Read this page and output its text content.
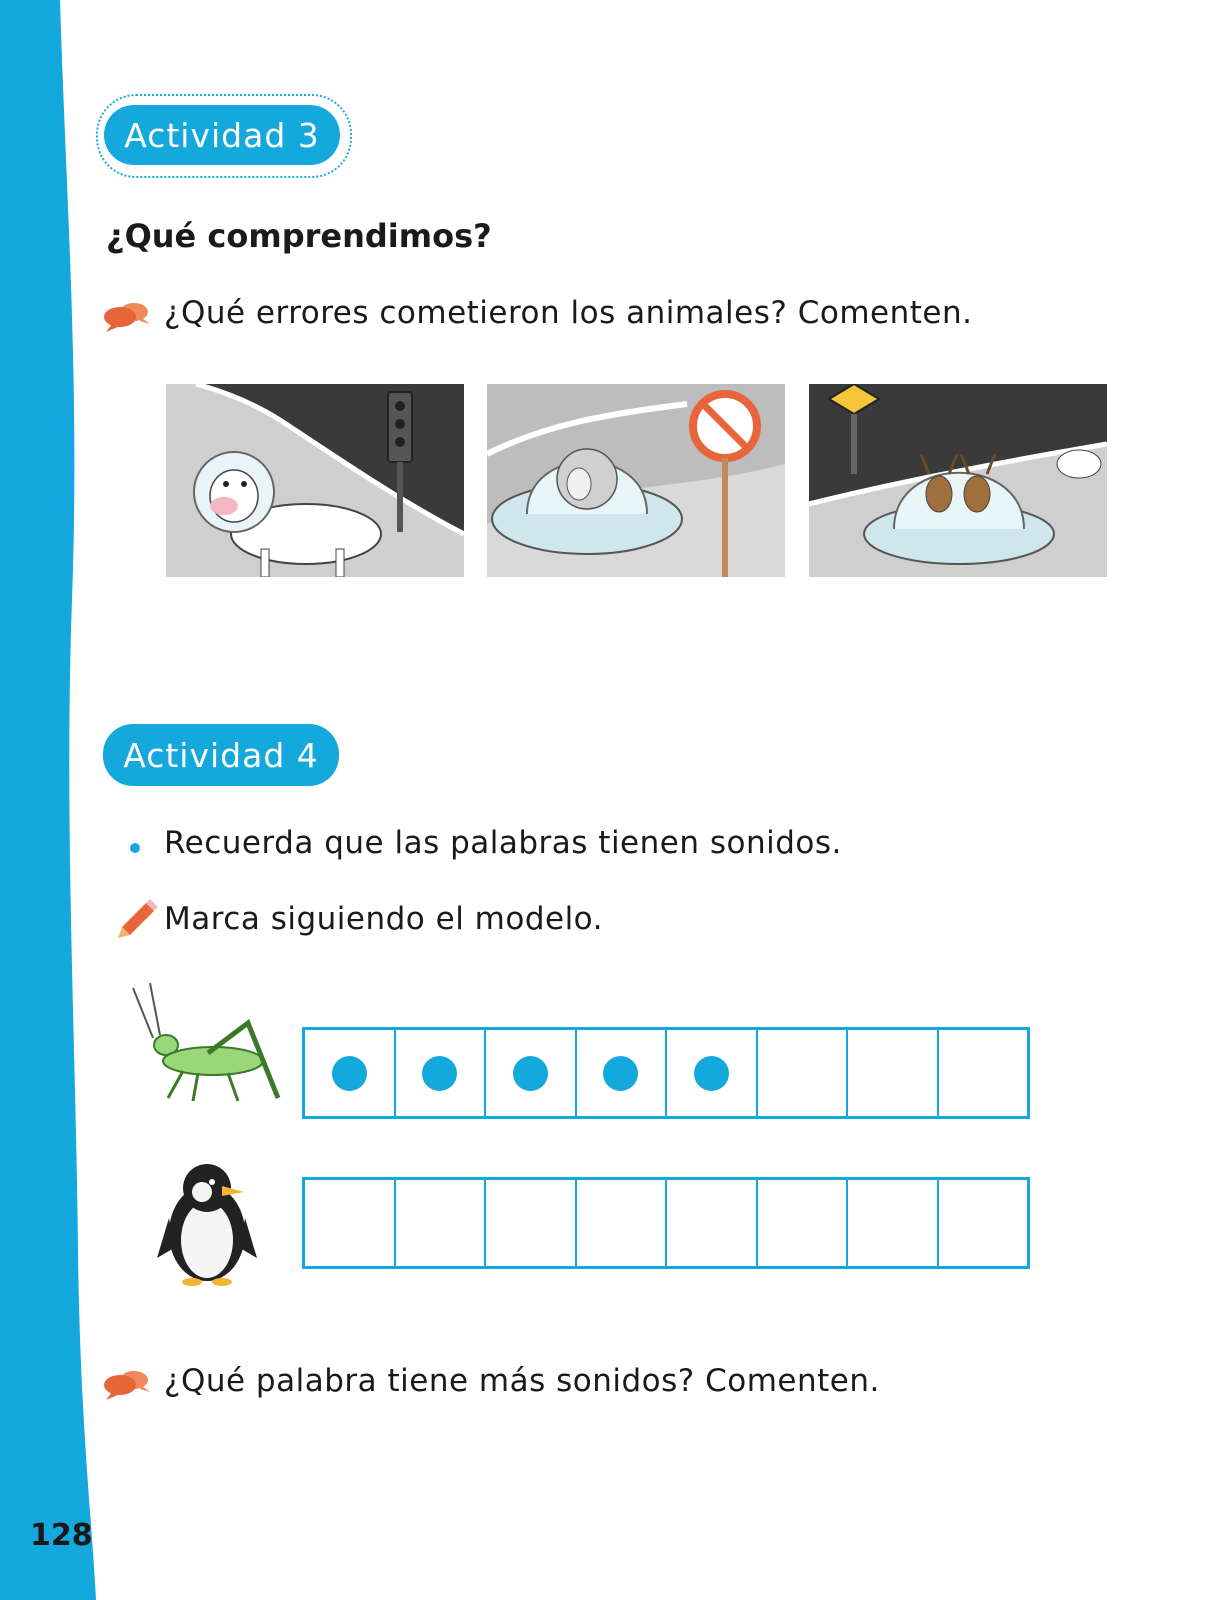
128
Actividad 3
¿Qué comprendimos?
¿Qué errores cometieron los animales? Comenten.
Actividad 4
Recuerda que las palabras tienen sonidos.
Marca siguiendo el modelo.
¿Qué palabra tiene más sonidos? Comenten.
